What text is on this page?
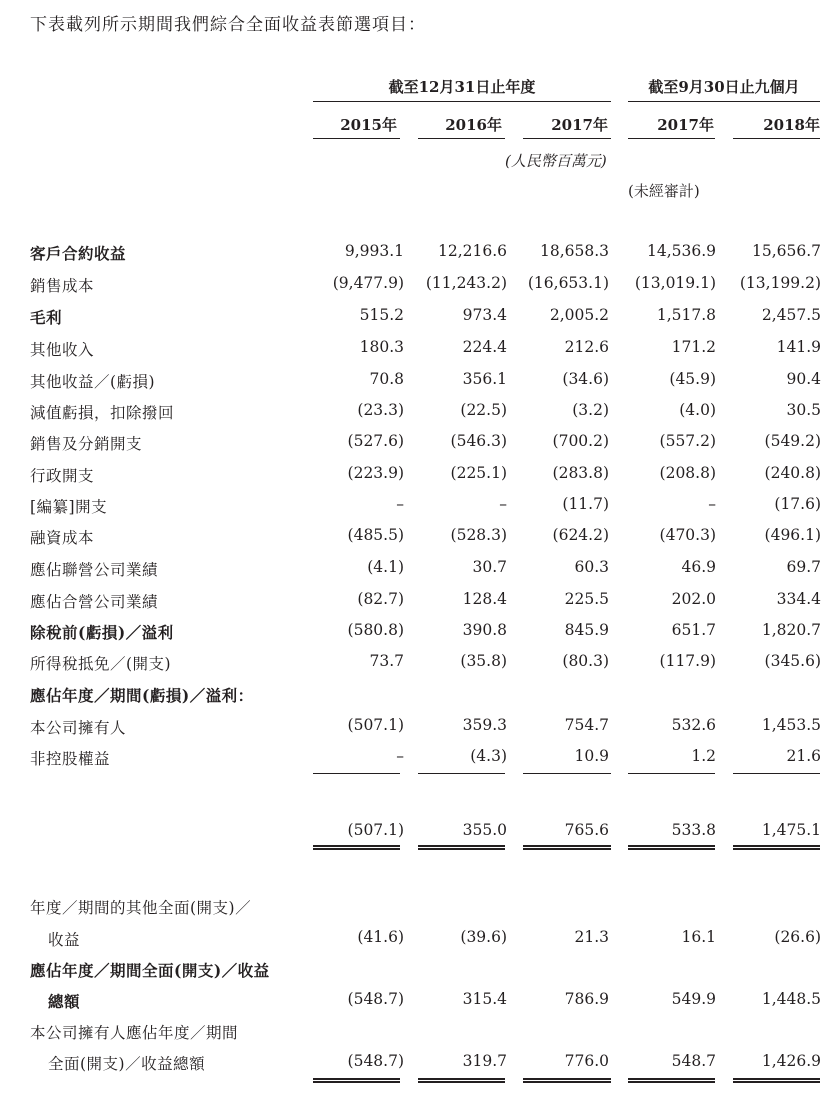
下表載列所示期間我們綜合全面收益表節選項目：
截至12月31日止年度	截至9月30日止九個月
2015年	2016年	2017年	2017年	2018年
(人民幣百萬元)
(未經審計)
客戶合約收益	9,993.1 12,216.6 18,658.3 14,536.9 15,656.7
銷售成本	(9,477.9) (11,243.2) (16,653.1) (13,019.1) (13,199.2)
毛利	515.2	973.4	2,005.2	1,517.8	2,457.5
其他收入	180.3	224.4	212.6	171.2	141.9
其他收益／(虧損)	70.8	356.1	(34.6)	(45.9)	90.4
減值虧損，扣除撥回	(23.3)	(22.5)	(3.2)	(4.0)	30.5
銷售及分銷開支	(527.6)	(546.3)	(700.2)	(557.2)	(549.2)
行政開支	(223.9)	(225.1)	(283.8)	(208.8)	(240.8)
[編纂]開支	–	–	(11.7)	–	(17.6)
融資成本	(485.5)	(528.3)	(624.2)	(470.3)	(496.1)
應佔聯營公司業績	(4.1)	30.7	60.3	46.9	69.7
應佔合營公司業績	(82.7)	128.4	225.5	202.0	334.4
除稅前(虧損)／溢利	(580.8)	390.8	845.9	651.7	1,820.7
所得稅抵免／(開支)	73.7	(35.8)	(80.3)	(117.9)	(345.6)
應佔年度／期間(虧損)／溢利：
本公司擁有人	(507.1)	359.3	754.7	532.6	1,453.5
非控股權益	–	(4.3)	10.9	1.2	21.6
(507.1)	355.0	765.6	533.8	1,475.1
年度／期間的其他全面(開支)／
收益	(41.6)	(39.6)	21.3	16.1	(26.6)
應佔年度／期間全面(開支)／收益
總額	(548.7)	315.4	786.9	549.9	1,448.5
本公司擁有人應佔年度／期間
全面(開支)／收益總額	(548.7)	319.7	776.0	548.7	1,426.9
